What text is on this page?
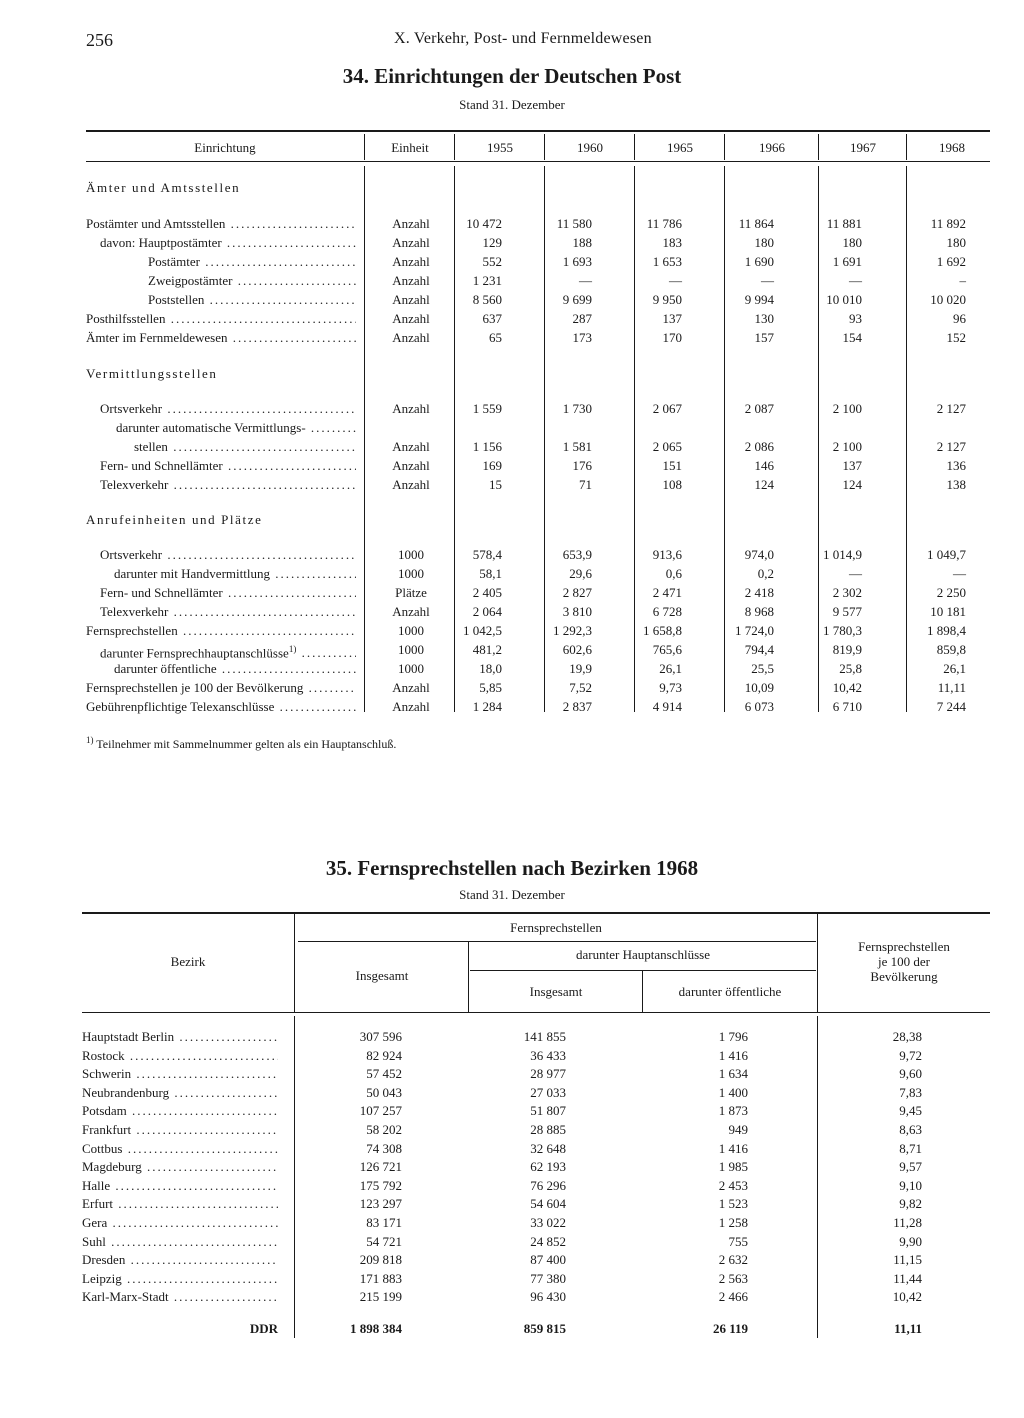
256	X. Verkehr, Post- und Fernmeldewesen
34. Einrichtungen der Deutschen Post
Stand 31. Dezember
Einrichtung	Einheit	1955	1960	1965	1966	1967	1968
Ämter und Amtsstellen
Postämter und Amtsstellen .....	Anzahl	10 472	11 580	11 786	11 864	11 881	11 892
davon: Hauptpostämter .....	Anzahl	129	188	183	180	180	180
Postämter .....	Anzahl	552	1 693	1 653	1 690	1 691	1 692
Zweigpostämter .....	Anzahl	1 231	—	—	—	—	–
Poststellen .....	Anzahl	8 560	9 699	9 950	9 994	10 010	10 020
Posthilfsstellen .....	Anzahl	637	287	137	130	93	96
Ämter im Fernmeldewesen .....	Anzahl	65	173	170	157	154	152
Vermittlungsstellen
Ortsverkehr .....	Anzahl	1 559	1 730	2 067	2 087	2 100	2 127
darunter automatische Vermittlungs- .....
stellen .....	Anzahl	1 156	1 581	2 065	2 086	2 100	2 127
Fern- und Schnellämter .....	Anzahl	169	176	151	146	137	136
Telexverkehr .....	Anzahl	15	71	108	124	124	138
Anrufeinheiten und Plätze
Ortsverkehr .....	1000	578,4	653,9	913,6	974,0	1 014,9	1 049,7
darunter mit Handvermittlung .....	1000	58,1	29,6	0,6	0,2	—	—
Fern- und Schnellämter .....	Plätze	2 405	2 827	2 471	2 418	2 302	2 250
Telexverkehr .....	Anzahl	2 064	3 810	6 728	8 968	9 577	10 181
Fernsprechstellen .....	1000	1 042,5	1 292,3	1 658,8	1 724,0	1 780,3	1 898,4
darunter Fernsprechhauptanschlüsse$^{1)}$ .....	1000	481,2	602,6	765,6	794,4	819,9	859,8
darunter öffentliche .....	1000	18,0	19,9	26,1	25,5	25,8	26,1
Fernsprechstellen je 100 der Bevölkerung .....	Anzahl	5,85	7,52	9,73	10,09	10,42	11,11
Gebührenpflichtige Telexanschlüsse .....	Anzahl	1 284	2 837	4 914	6 073	6 710	7 244
$^{1)}$ Teilnehmer mit Sammelnummer gelten als ein Hauptanschluß.
35. Fernsprechstellen nach Bezirken 1968
Stand 31. Dezember
Bezirk
Fernsprechstellen
Insgesamt
darunter Hauptanschlüsse
Insgesamt	darunter öffentliche
Fernsprechstellen
je 100 der
Bevölkerung
Hauptstadt Berlin .....	307 596	141 855	1 796	28,38
Rostock .....	82 924	36 433	1 416	9,72
Schwerin .....	57 452	28 977	1 634	9,60
Neubrandenburg .....	50 043	27 033	1 400	7,83
Potsdam .....	107 257	51 807	1 873	9,45
Frankfurt .....	58 202	28 885	949	8,63
Cottbus .....	74 308	32 648	1 416	8,71
Magdeburg .....	126 721	62 193	1 985	9,57
Halle .....	175 792	76 296	2 453	9,10
Erfurt .....	123 297	54 604	1 523	9,82
Gera .....	83 171	33 022	1 258	11,28
Suhl .....	54 721	24 852	755	9,90
Dresden .....	209 818	87 400	2 632	11,15
Leipzig .....	171 883	77 380	2 563	11,44
Karl-Marx-Stadt .....	215 199	96 430	2 466	10,42
DDR	1 898 384	859 815	26 119	11,11
